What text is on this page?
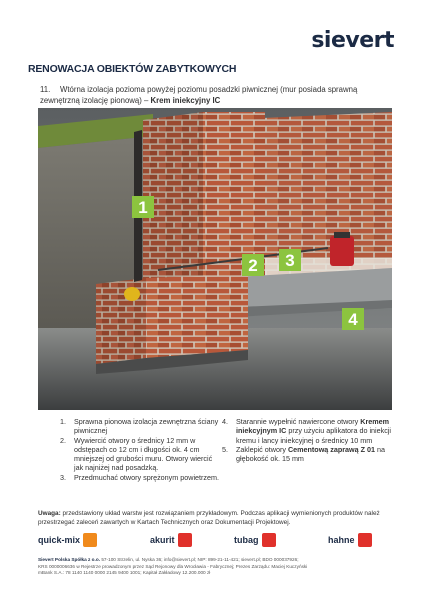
sievert
RENOWACJA OBIEKTÓW ZABYTKOWYCH
11. Wtórna izolacja pozioma powyżej poziomu posadzki piwnicznej (mur posiada sprawną
zewnętrzną izolację pionową) – Krem iniekcyjny IC
1
2 3
4
1.	Sprawna pionowa izolacja zewnętrzna ściany piwnicznej
2.	Wywiercić otwory o średnicy 12 mm w odstępach co 12 cm i długości ok. 4 cm mniejszej od grubości muru. Otwory wiercić jak najniżej nad posadzką.
3.	Przedmuchać otwory sprężonym powietrzem.
4.	Starannie wypełnić nawiercone otwory Kremem iniekcyjnym IC przy użyciu aplikatora do iniekcji kremu i lancy iniekcyjnej o średnicy 10 mm
5.	Zaklepić otwory Cementową zaprawą Z 01 na głębokość ok. 15 mm
Uwaga: przedstawiony układ warstw jest rozwiązaniem przykładowym. Podczas aplikacji wymienionych produktów należ przestrzegać zaleceń zawartych w Kartach Technicznych oraz Dokumentacji Projektowej.
quick-mix	akurit	tubag	hahne
Sievert Polska Spółka z o.o. 57-100 Strzelin, ul. Nyska 36; info@sievert.pl; NIP: 899-21-11-421; sievert.pl; BDO 000037926;
KRS 0000006636 w Rejestrze prowadzonym przez Sąd Rejonowy dla Wrocławia - Fabrycznej; Prezes Zarządu: Maciej Kuczyński
mBank S.A.: 78 1140 1140 0000 2145 9400 1001; Kapitał Zakładowy 12.200.000 zł
